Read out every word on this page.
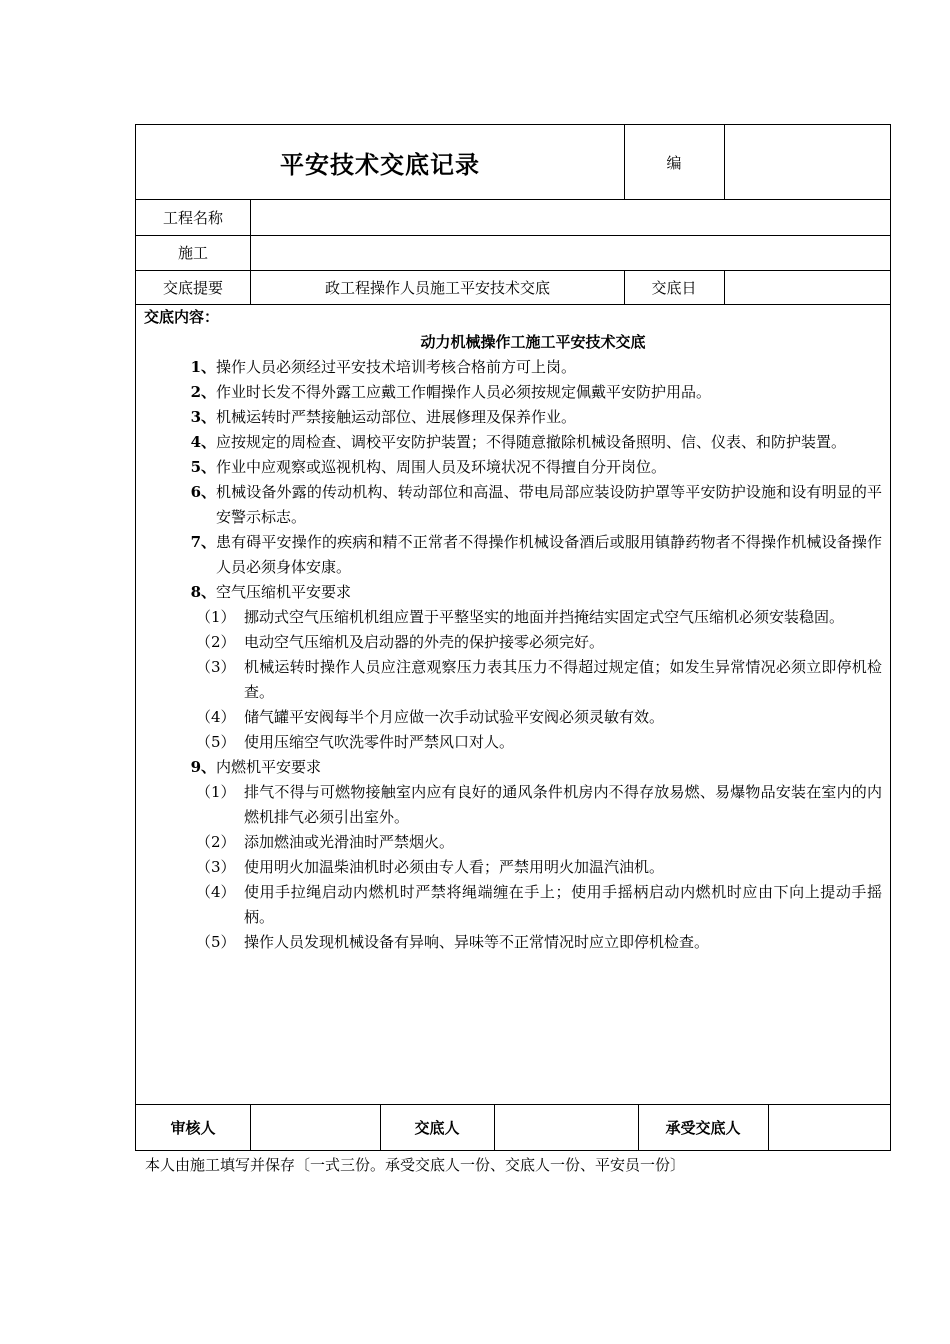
平安技术交底记录	编
工程名称
施工
交底提要	政工程操作人员施工平安技术交底	交底日
交底内容：
动力机械操作工施工平安技术交底
1、 操作人员必须经过平安技术培训考核合格前方可上岗。
2、 作业时长发不得外露工应戴工作帽操作人员必须按规定佩戴平安防护用品。
3、 机械运转时严禁接触运动部位、进展修理及保养作业。
4、 应按规定的周检查、调校平安防护装置；不得随意撤除机械设备照明、信、仪表、和防护装置。
5、 作业中应观察或巡视机构、周围人员及环境状况不得擅自分开岗位。
6、 机械设备外露的传动机构、转动部位和高温、带电局部应装设防护罩等平安防护设施和设有明显的平安警示标志。
7、 患有碍平安操作的疾病和精不正常者不得操作机械设备酒后或服用镇静药物者不得操作机械设备操作人员必须身体安康。
8、 空气压缩机平安要求
（1） 挪动式空气压缩机机组应置于平整坚实的地面并挡掩结实固定式空气压缩机必须安装稳固。
（2） 电动空气压缩机及启动器的外壳的保护接零必须完好。
（3） 机械运转时操作人员应注意观察压力表其压力不得超过规定值；如发生异常情况必须立即停机检查。
（4） 储气罐平安阀每半个月应做一次手动试验平安阀必须灵敏有效。
（5） 使用压缩空气吹洗零件时严禁风口对人。
9、 内燃机平安要求
（1） 排气不得与可燃物接触室内应有良好的通风条件机房内不得存放易燃、易爆物品安装在室内的内燃机排气必须引出室外。
（2） 添加燃油或光滑油时严禁烟火。
（3） 使用明火加温柴油机时必须由专人看；严禁用明火加温汽油机。
（4） 使用手拉绳启动内燃机时严禁将绳端缠在手上；使用手摇柄启动内燃机时应由下向上提动手摇柄。
（5） 操作人员发现机械设备有异响、异味等不正常情况时应立即停机检查。
审核人	交底人	承受交底人
本人由施工填写并保存〔一式三份。承受交底人一份、交底人一份、平安员一份〕
